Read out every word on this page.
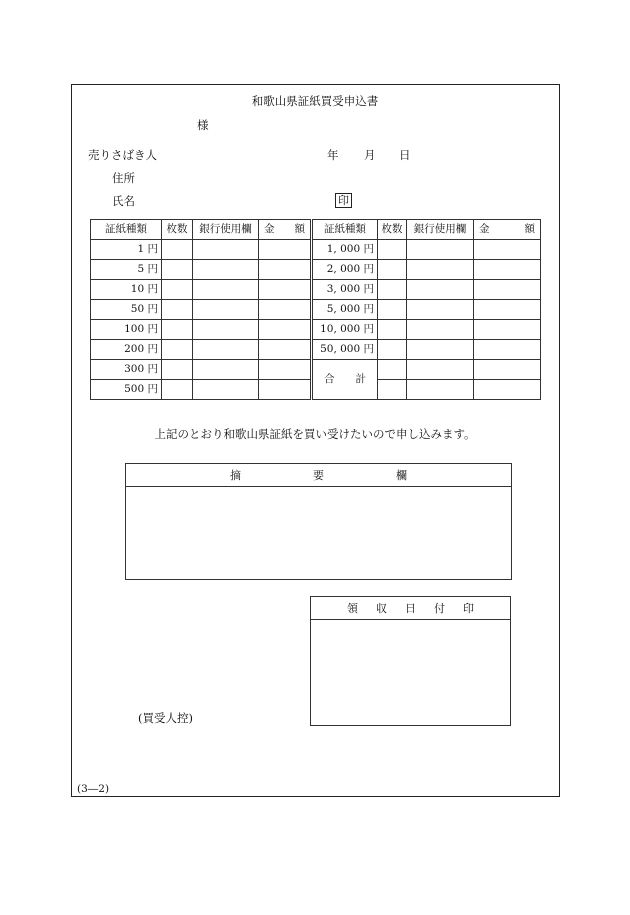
和歌山県証紙買受申込書
様
売りさばき人	年 月 日
住所
氏名	印
証紙種類	枚数	銀行使用欄	金 額

1 円			
5 円			
10 円			
50 円			
100 円			
200 円			
300 円			
500 円			
証紙種類	枚数	銀行使用欄	金 額

1, 000 円			
2, 000 円			
3, 000 円			
5, 000 円			
10, 000 円			
50, 000 円			

合 計			

上記のとおり和歌山県証紙を買い受けたいので申し込みます。
摘	要	欄
領 収 日 付 印
(買受人控)
(3―2)
